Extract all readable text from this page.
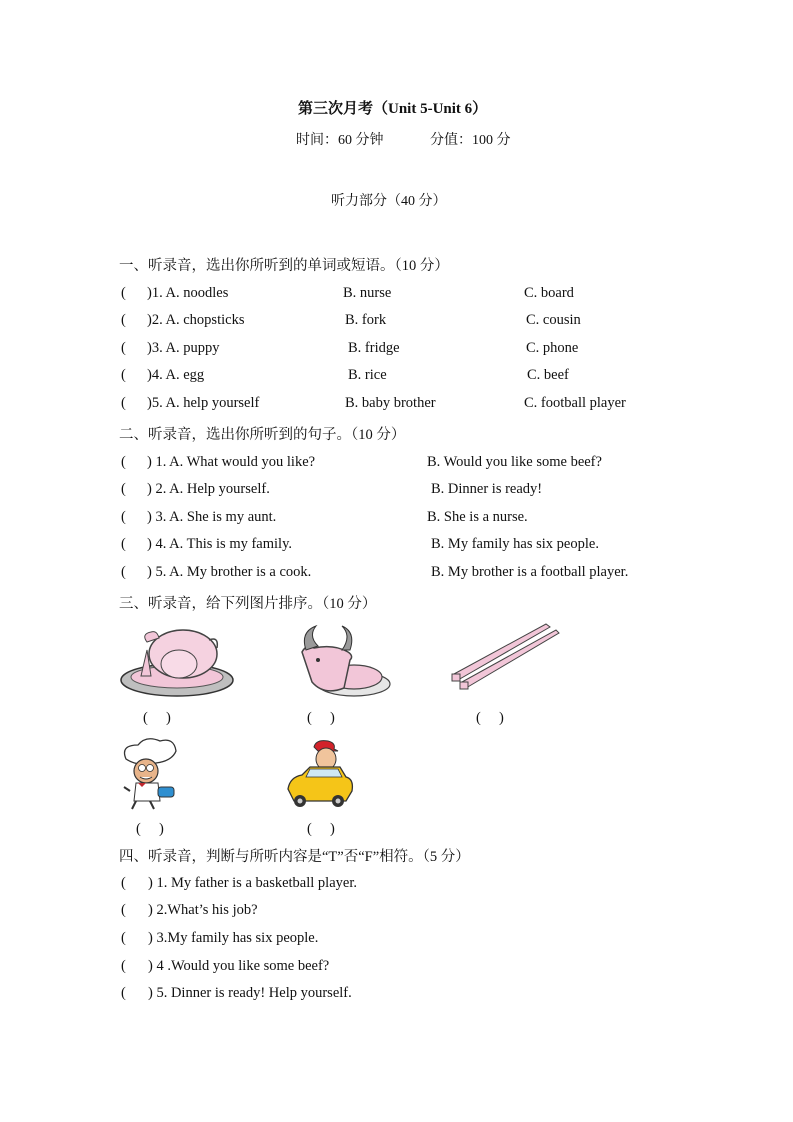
第三次月考（Unit 5-Unit 6）
时间：60 分钟	分值：100 分
听力部分（40 分）
一、听录音，选出你所听到的单词或短语。（10 分）
( )1. A. noodles	B. nurse	C. board
( )2. A. chopsticks	B. fork	C. cousin
( )3. A. puppy	B. fridge	C. phone
( )4. A. egg	B. rice	C. beef
( )5. A. help yourself	B. baby brother	C. football player
二、听录音，选出你所听到的句子。（10 分）
( ) 1. A. What would you like?	B. Would you like some beef?
( ) 2. A. Help yourself.	B. Dinner is ready!
( ) 3. A. She is my aunt.	B. She is a nurse.
( ) 4. A. This is my family.	B. My family has six people.
( ) 5. A. My brother is a cook.	B. My brother is a football player.
三、听录音，给下列图片排序。（10 分）
(　 )	(　 )	(　 )
(　 )	(　 )
四、听录音，判断与所听内容是“T”否“F”相符。（5 分）
( ) 1. My father is a basketball player.
( ) 2.What’s his job?
( ) 3.My family has six people.
( ) 4 .Would you like some beef?
( ) 5. Dinner is ready! Help yourself.
